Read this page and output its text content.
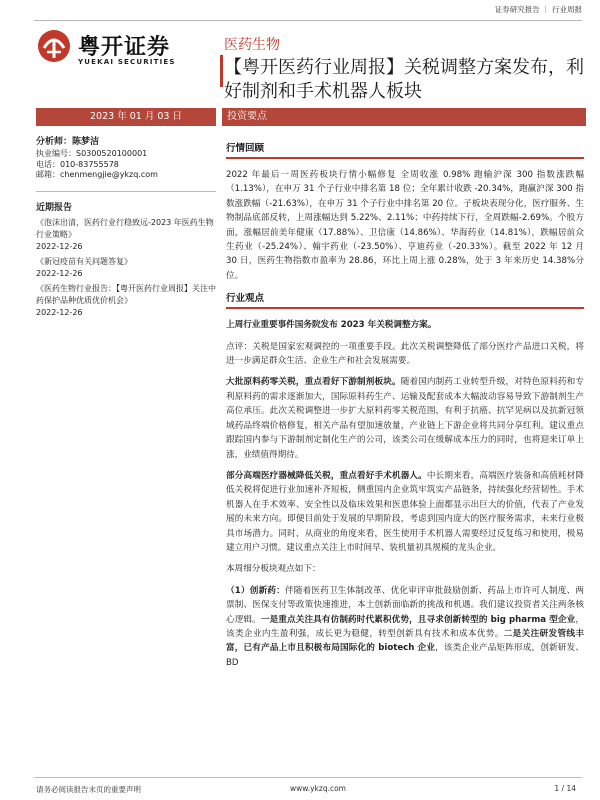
证券研究报告 ｜ 行业周报
粤开证券
YUEKAI SECURITIES
医药生物
【粤开医药行业周报】关税调整方案发布，利好制剂和手术机器人板块
2023 年 01 月 03 日	投资要点
分析师：陈梦洁
执业编号：S0300520100001
电话：010-83755578
邮箱：chenmengjie@ykzq.com
近期报告
《泡沫出清，医药行业行稳致远-2023 年医药生物行业策略》
2022-12-26
《新冠疫苗有关问题答复》
2022-12-26
《医药生物行业报告：【粤开医药行业周报】关注中药保护品种优质优价机会》
2022-12-26
行情回顾

2022 年最后一周医药板块行情小幅修复 全周收涨 0.98% 跑输沪深 300 指数涨跌幅（1.13%），在申万 31 个子行业中排名第 18 位；全年累计收跌 -20.34%，跑赢沪深 300 指数涨跌幅（-21.63%），在申万 31 个子行业中排名第 20 位。子板块表现分化，医疗服务、生物制品底部反转，上周涨幅达到 5.22%、2.11%；中药持续下行，全周跌幅-2.69%。个股方面，涨幅居前美年健康（17.88%）、卫信康（14.86%）、华海药业（14.81%），跌幅居前众生药业（-25.24%）、翰宇药业（-23.50%）、亨迪药业（-20.33%）。截至 2022 年 12 月 30 日，医药生物指数市盈率为 28.86，环比上周上涨 0.28%，处于 3 年来历史 14.38%分位。

行业观点
上周行业重要事件国务院发布 2023 年关税调整方案。

点评：关税是国家宏观调控的一项重要手段。此次关税调整降低了部分医疗产品进口关税，将进一步满足群众生活、企业生产和社会发展需要。

大批原料药零关税，重点看好下游制剂板块。随着国内制药工业转型升级，对特色原料药和专利原料药的需求逐渐加大，国际原料药生产、运输及配套成本大幅波动容易导致下游制剂生产高位承压。此次关税调整进一步扩大原料药零关税范围，有利于抗癌、抗罕见病以及抗新冠领域药品终端价格修复，相关产品有望加速放量，产业链上下游企业将共同分享红利。建议重点跟踪国内参与下游制剂定制化生产的公司，该类公司在缓解成本压力的同时，也将迎来订单上涨，业绩值得期待。

部分高端医疗器械降低关税，重点看好手术机器人。中长期来看，高端医疗装备和高值耗材降低关税将促进行业加速补齐短板，侧重国内企业筑牢筑实产品链条，持续强化经营韧性。手术机器人在手术效率、安全性以及临床效果和医患体验上面都显示出巨大的价值，代表了产业发展的未来方向。即便目前处于发展的早期阶段，考虑到国内庞大的医疗服务需求，未来行业极具市场潜力。同时，从商业的角度来看，医生使用手术机器人需要经过反复练习和使用，极易建立用户习惯。建议重点关注上市时间早、装机量初具规模的龙头企业。

本周细分板块观点如下：

（1）创新药：伴随着医药卫生体制改革、优化审评审批鼓励创新、药品上市许可人制度、两票制、医保支付等政策快速推进，本土创新面临新的挑战和机遇。我们建议投资者关注两条核心逻辑。一是重点关注具有仿制药时代累积优势，且寻求创新转型的 big pharma 型企业，该类企业内生盈利强，成长更为稳健，转型创新具有技术和成本优势。二是关注研发管线丰富，已有产品上市且积极布局国际化的 biotech 企业，该类企业产品矩阵形成，创新研发、BD

请务必阅读报告末页的重要声明	www.ykzq.com	1 / 14
